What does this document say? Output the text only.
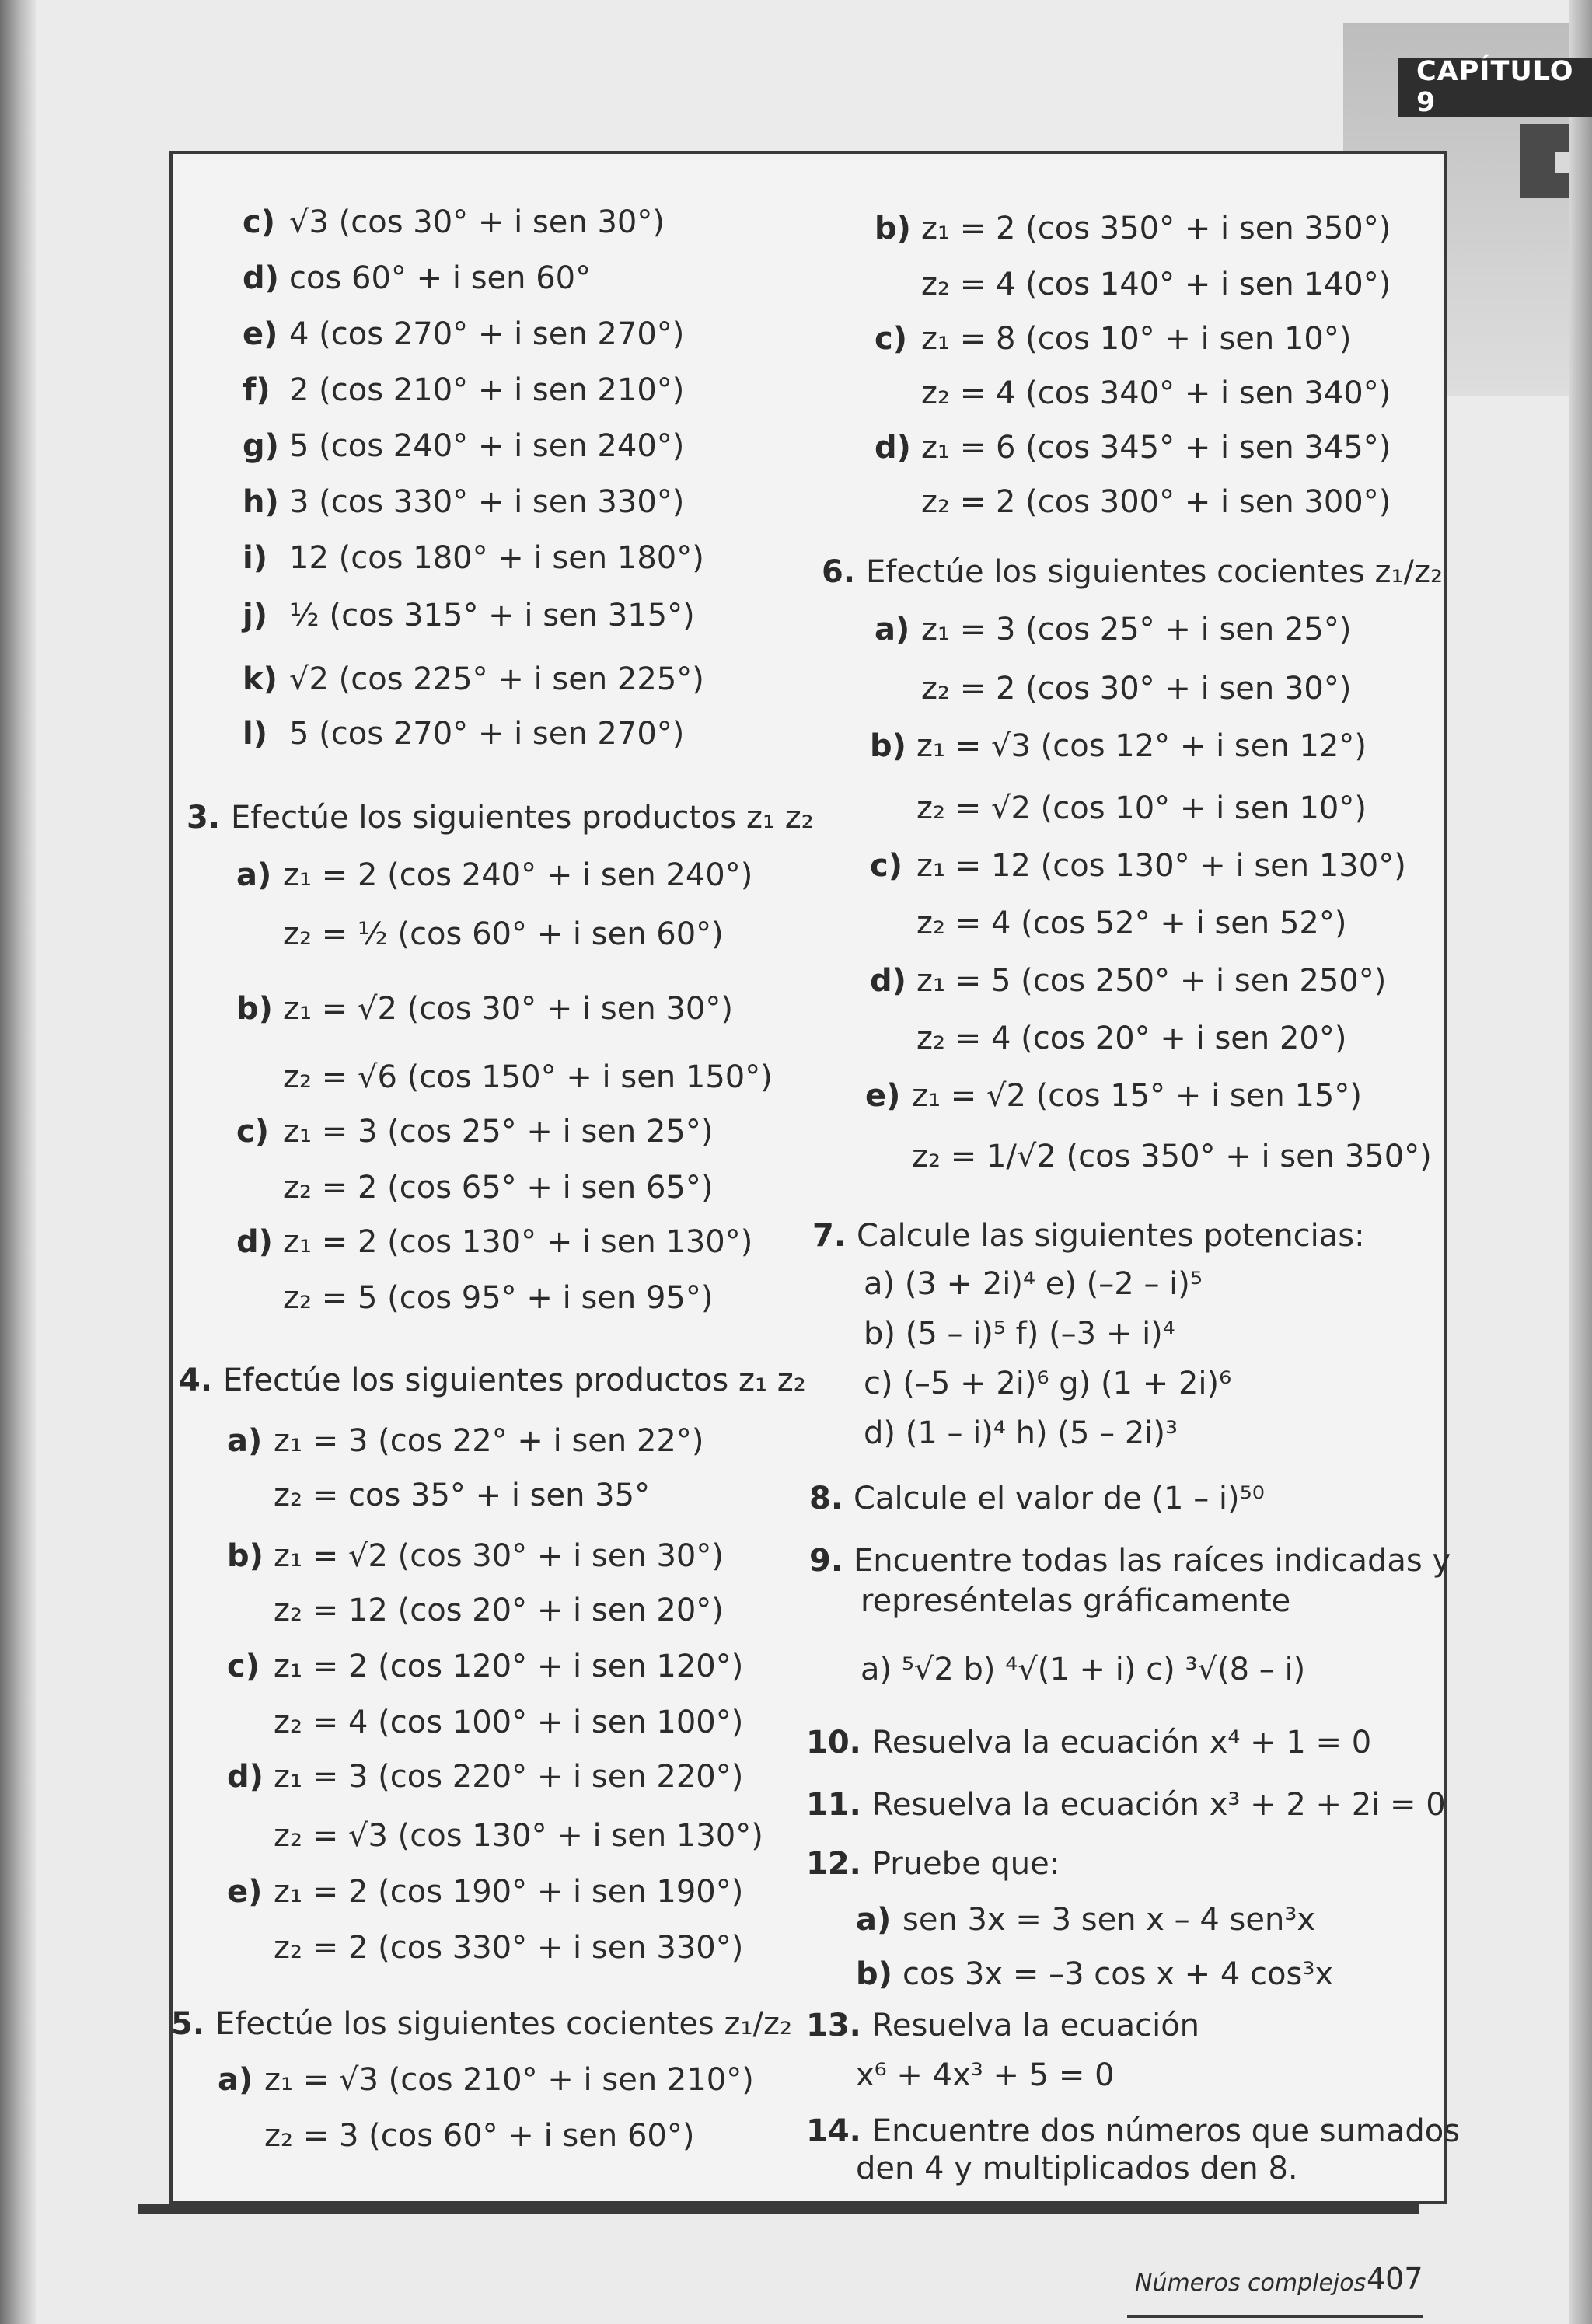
CAPÍTULO 9
c) √3 (cos 30° + i sen 30°)
d) cos 60° + i sen 60°
e) 4 (cos 270° + i sen 270°)
f) 2 (cos 210° + i sen 210°)
g) 5 (cos 240° + i sen 240°)
h) 3 (cos 330° + i sen 330°)
i) 12 (cos 180° + i sen 180°)
j) ½ (cos 315° + i sen 315°)
k) √2 (cos 225° + i sen 225°)
l) 5 (cos 270° + i sen 270°)
3. Efectúe los siguientes productos z₁ z₂
a) z₁ = 2 (cos 240° + i sen 240°)
z₂ = ½ (cos 60° + i sen 60°)
b) z₁ = √2 (cos 30° + i sen 30°)
z₂ = √6 (cos 150° + i sen 150°)
c) z₁ = 3 (cos 25° + i sen 25°)
z₂ = 2 (cos 65° + i sen 65°)
d) z₁ = 2 (cos 130° + i sen 130°)
z₂ = 5 (cos 95° + i sen 95°)
4. Efectúe los siguientes productos z₁ z₂
a) z₁ = 3 (cos 22° + i sen 22°)
z₂ = cos 35° + i sen 35°
b) z₁ = √2 (cos 30° + i sen 30°)
z₂ = 12 (cos 20° + i sen 20°)
c) z₁ = 2 (cos 120° + i sen 120°)
z₂ = 4 (cos 100° + i sen 100°)
d) z₁ = 3 (cos 220° + i sen 220°)
z₂ = √3 (cos 130° + i sen 130°)
e) z₁ = 2 (cos 190° + i sen 190°)
z₂ = 2 (cos 330° + i sen 330°)
5. Efectúe los siguientes cocientes z₁/z₂
a) z₁ = √3 (cos 210° + i sen 210°)
z₂ = 3 (cos 60° + i sen 60°)
b) z₁ = 2 (cos 350° + i sen 350°)
z₂ = 4 (cos 140° + i sen 140°)
c) z₁ = 8 (cos 10° + i sen 10°)
z₂ = 4 (cos 340° + i sen 340°)
d) z₁ = 6 (cos 345° + i sen 345°)
z₂ = 2 (cos 300° + i sen 300°)
6. Efectúe los siguientes cocientes z₁/z₂
a) z₁ = 3 (cos 25° + i sen 25°)
z₂ = 2 (cos 30° + i sen 30°)
b) z₁ = √3 (cos 12° + i sen 12°)
z₂ = √2 (cos 10° + i sen 10°)
c) z₁ = 12 (cos 130° + i sen 130°)
z₂ = 4 (cos 52° + i sen 52°)
d) z₁ = 5 (cos 250° + i sen 250°)
z₂ = 4 (cos 20° + i sen 20°)
e) z₁ = √2 (cos 15° + i sen 15°)
z₂ = 1/√2 (cos 350° + i sen 350°)
7. Calcule las siguientes potencias:
a) (3 + 2i)⁴ e) (–2 – i)⁵
b) (5 – i)⁵ f) (–3 + i)⁴
c) (–5 + 2i)⁶ g) (1 + 2i)⁶
d) (1 – i)⁴ h) (5 – 2i)³
8. Calcule el valor de (1 – i)⁵⁰
9. Encuentre todas las raíces indicadas y
represéntelas gráficamente
a) ⁵√2 b) ⁴√(1 + i) c) ³√(8 – i)
10. Resuelva la ecuación x⁴ + 1 = 0
11. Resuelva la ecuación x³ + 2 + 2i = 0
12. Pruebe que:
a) sen 3x = 3 sen x – 4 sen³x
b) cos 3x = –3 cos x + 4 cos³x
13. Resuelva la ecuación
x⁶ + 4x³ + 5 = 0
14. Encuentre dos números que sumados
den 4 y multiplicados den 8.
Números complejos 407
